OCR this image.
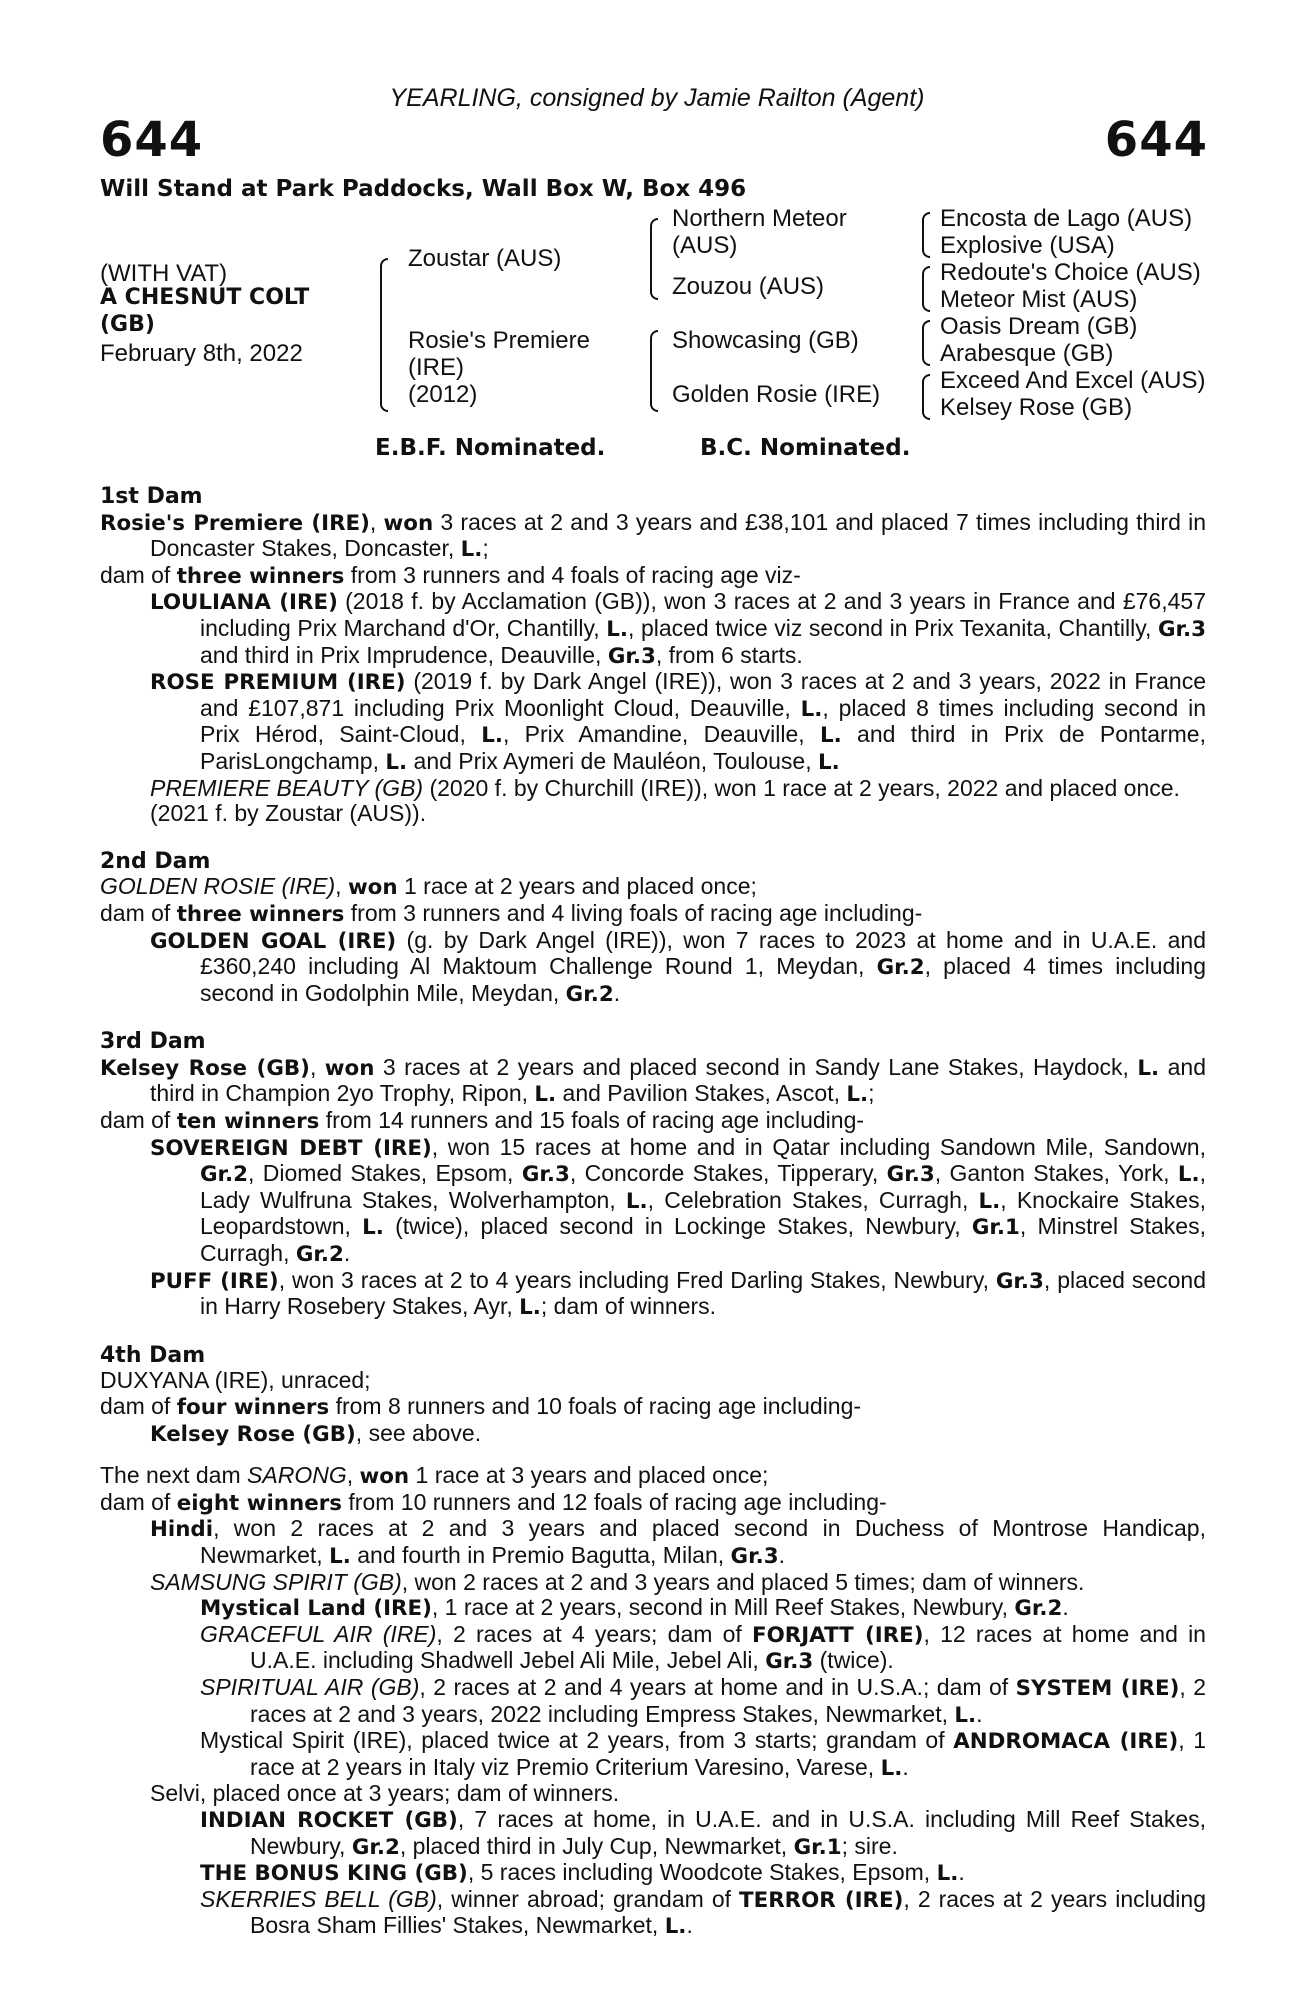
YEARLING, consigned by Jamie Railton (Agent)
644	644
Will Stand at Park Paddocks, Wall Box W, Box 496
(WITH VAT)
A CHESNUT COLT
(GB)
February 8th, 2022
Zoustar (AUS)
Rosie's Premiere
(IRE)
(2012)
Northern Meteor
(AUS)
Zouzou (AUS)
Showcasing (GB)
Golden Rosie (IRE)
Encosta de Lago (AUS)
Explosive (USA)
Redoute's Choice (AUS)
Meteor Mist (AUS)
Oasis Dream (GB)
Arabesque (GB)
Exceed And Excel (AUS)
Kelsey Rose (GB)
E.B.F. Nominated.	B.C. Nominated.

1st Dam

Rosie's Premiere (IRE), won 3 races at 2 and 3 years and £38,101 and placed 7 times including third in Doncaster Stakes, Doncaster, L.;

dam of three winners from 3 runners and 4 foals of racing age viz-

LOULIANA (IRE) (2018 f. by Acclamation (GB)), won 3 races at 2 and 3 years in France and £76,457 including Prix Marchand d'Or, Chantilly, L., placed twice viz second in Prix Texanita, Chantilly, Gr.3 and third in Prix Imprudence, Deauville, Gr.3, from 6 starts.

ROSE PREMIUM (IRE) (2019 f. by Dark Angel (IRE)), won 3 races at 2 and 3 years, 2022 in France and £107,871 including Prix Moonlight Cloud, Deauville, L., placed 8 times including second in Prix Hérod, Saint-Cloud, L., Prix Amandine, Deauville, L. and third in Prix de Pontarme, ParisLongchamp, L. and Prix Aymeri de Mauléon, Toulouse, L.

PREMIERE BEAUTY (GB) (2020 f. by Churchill (IRE)), won 1 race at 2 years, 2022 and placed once.

(2021 f. by Zoustar (AUS)).

2nd Dam

GOLDEN ROSIE (IRE), won 1 race at 2 years and placed once;

dam of three winners from 3 runners and 4 living foals of racing age including-

GOLDEN GOAL (IRE) (g. by Dark Angel (IRE)), won 7 races to 2023 at home and in U.A.E. and £360,240 including Al Maktoum Challenge Round 1, Meydan, Gr.2, placed 4 times including second in Godolphin Mile, Meydan, Gr.2.

3rd Dam

Kelsey Rose (GB), won 3 races at 2 years and placed second in Sandy Lane Stakes, Haydock, L. and third in Champion 2yo Trophy, Ripon, L. and Pavilion Stakes, Ascot, L.;

dam of ten winners from 14 runners and 15 foals of racing age including-

SOVEREIGN DEBT (IRE), won 15 races at home and in Qatar including Sandown Mile, Sandown, Gr.2, Diomed Stakes, Epsom, Gr.3, Concorde Stakes, Tipperary, Gr.3, Ganton Stakes, York, L., Lady Wulfruna Stakes, Wolverhampton, L., Celebration Stakes, Curragh, L., Knockaire Stakes, Leopardstown, L. (twice), placed second in Lockinge Stakes, Newbury, Gr.1, Minstrel Stakes, Curragh, Gr.2.

PUFF (IRE), won 3 races at 2 to 4 years including Fred Darling Stakes, Newbury, Gr.3, placed second in Harry Rosebery Stakes, Ayr, L.; dam of winners.

4th Dam

DUXYANA (IRE), unraced;

dam of four winners from 8 runners and 10 foals of racing age including-

Kelsey Rose (GB), see above.

The next dam SARONG, won 1 race at 3 years and placed once;

dam of eight winners from 10 runners and 12 foals of racing age including-

Hindi, won 2 races at 2 and 3 years and placed second in Duchess of Montrose Handicap, Newmarket, L. and fourth in Premio Bagutta, Milan, Gr.3.

SAMSUNG SPIRIT (GB), won 2 races at 2 and 3 years and placed 5 times; dam of winners.

Mystical Land (IRE), 1 race at 2 years, second in Mill Reef Stakes, Newbury, Gr.2.

GRACEFUL AIR (IRE), 2 races at 4 years; dam of FORJATT (IRE), 12 races at home and in U.A.E. including Shadwell Jebel Ali Mile, Jebel Ali, Gr.3 (twice).

SPIRITUAL AIR (GB), 2 races at 2 and 4 years at home and in U.S.A.; dam of SYSTEM (IRE), 2 races at 2 and 3 years, 2022 including Empress Stakes, Newmarket, L..

Mystical Spirit (IRE), placed twice at 2 years, from 3 starts; grandam of ANDROMACA (IRE), 1 race at 2 years in Italy viz Premio Criterium Varesino, Varese, L..

Selvi, placed once at 3 years; dam of winners.

INDIAN ROCKET (GB), 7 races at home, in U.A.E. and in U.S.A. including Mill Reef Stakes, Newbury, Gr.2, placed third in July Cup, Newmarket, Gr.1; sire.

THE BONUS KING (GB), 5 races including Woodcote Stakes, Epsom, L..

SKERRIES BELL (GB), winner abroad; grandam of TERROR (IRE), 2 races at 2 years including Bosra Sham Fillies' Stakes, Newmarket, L..
